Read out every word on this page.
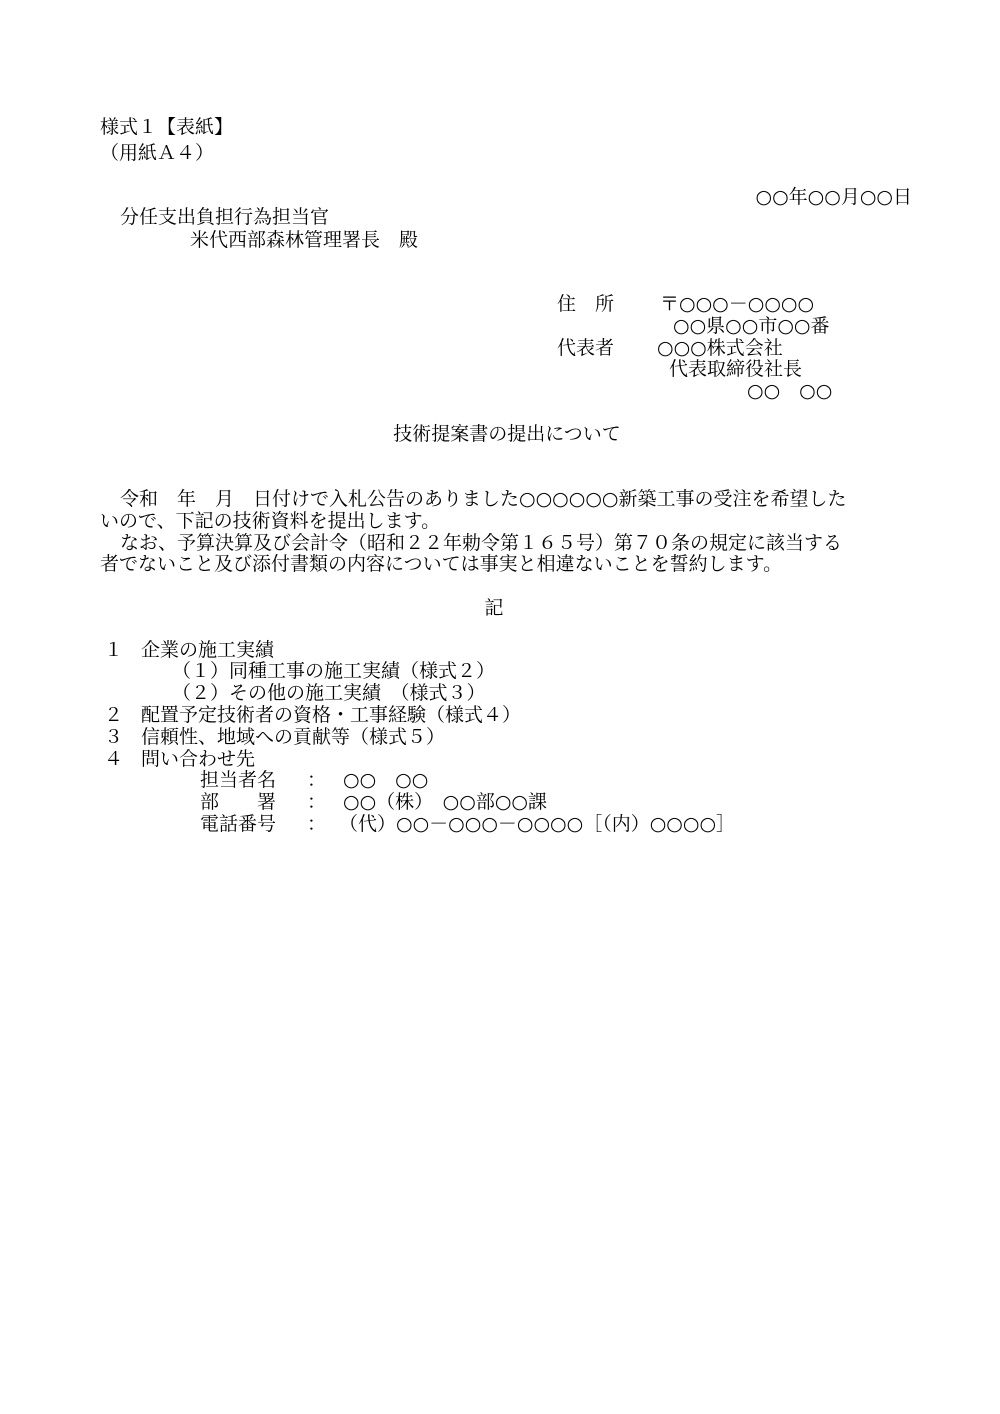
様式１【表紙】

（用紙Ａ４）

○○年○○月○○日

分任支出負担行為担当官

米代西部森林管理署長　殿

住　所 〒○○○－○○○○

○○県○○市○○番

代表者 ○○○株式会社

代表取締役社長

○○　○○

技術提案書の提出について

令和　年　月　日付けで入札公告のありました○○○○○○新築工事の受注を希望した

いので、下記の技術資料を提出します。

なお、予算決算及び会計令（昭和２２年勅令第１６５号）第７０条の規定に該当する

者でないこと及び添付書類の内容については事実と相違ないことを誓約します。

記

１ 企業の施工実績

（１）同種工事の施工実績（様式２）

（２）その他の施工実績　（様式３）

２ 配置予定技術者の資格・工事経験（様式４）

３ 信頼性、地域への貢献等（様式５）

４ 問い合わせ先

担当者名 ： ○○　○○

部　　署 ： ○○（株）　○○部○○課

電話番号 ： （代）○○－○○○－○○○○［（内）○○○○］
